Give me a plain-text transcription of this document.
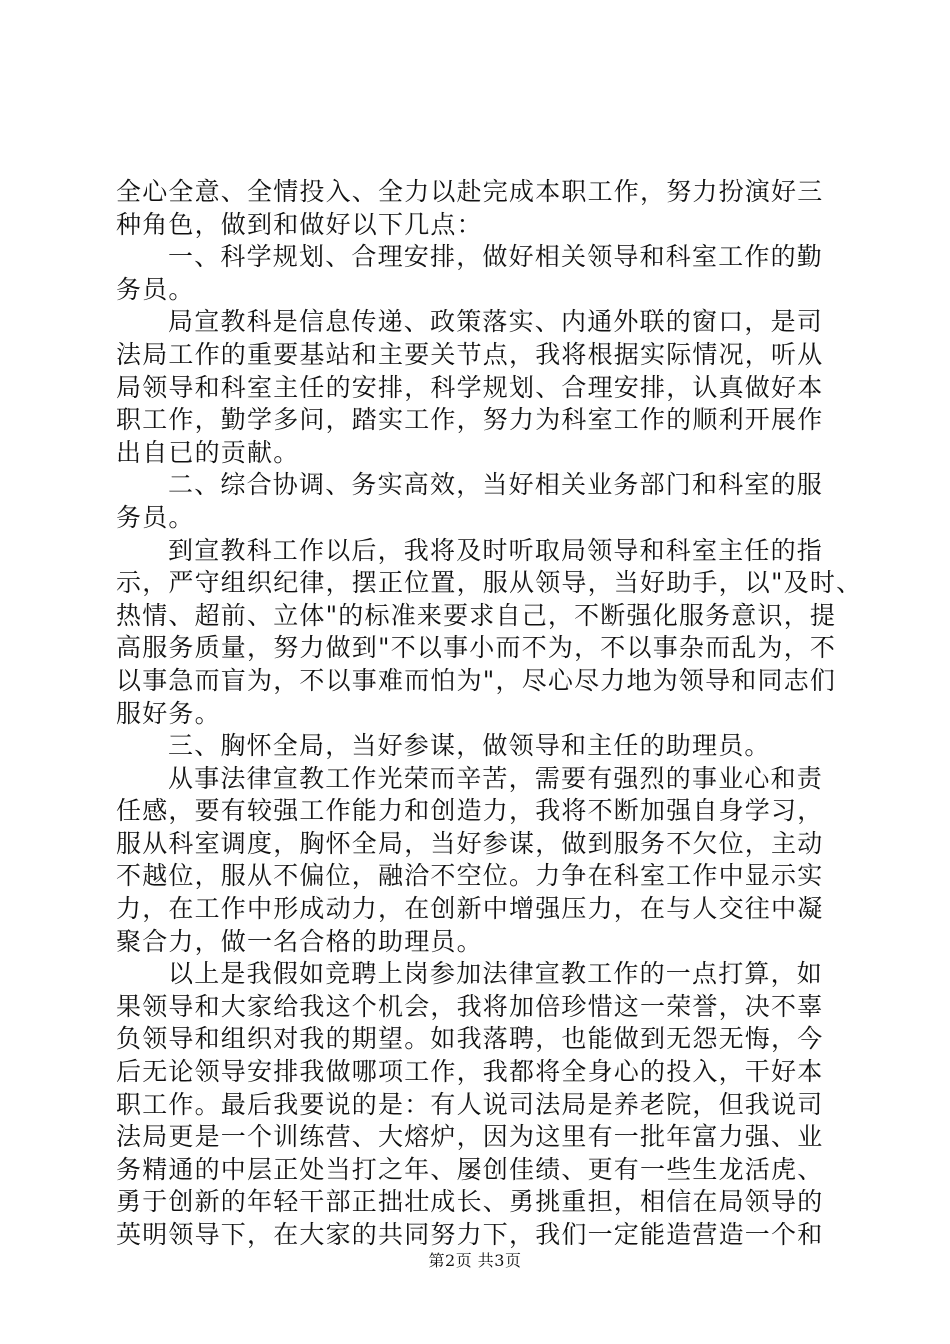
全心全意、全情投入、全力以赴完成本职工作，努力扮演好三
种角色，做到和做好以下几点：
一、科学规划、合理安排，做好相关领导和科室工作的勤
务员。
局宣教科是信息传递、政策落实、内通外联的窗口，是司
法局工作的重要基站和主要关节点，我将根据实际情况，听从
局领导和科室主任的安排，科学规划、合理安排，认真做好本
职工作，勤学多问，踏实工作，努力为科室工作的顺利开展作
出自已的贡献。
二、综合协调、务实高效，当好相关业务部门和科室的服
务员。
到宣教科工作以后，我将及时听取局领导和科室主任的指
示，严守组织纪律，摆正位置，服从领导，当好助手，以"及时、
热情、超前、立体"的标准来要求自己，不断强化服务意识，提
高服务质量，努力做到"不以事小而不为，不以事杂而乱为，不
以事急而盲为，不以事难而怕为"，尽心尽力地为领导和同志们
服好务。
三、胸怀全局，当好参谋，做领导和主任的助理员。
从事法律宣教工作光荣而辛苦，需要有强烈的事业心和责
任感，要有较强工作能力和创造力，我将不断加强自身学习，
服从科室调度，胸怀全局，当好参谋，做到服务不欠位，主动
不越位，服从不偏位，融洽不空位。力争在科室工作中显示实
力，在工作中形成动力，在创新中增强压力，在与人交往中凝
聚合力，做一名合格的助理员。
以上是我假如竞聘上岗参加法律宣教工作的一点打算，如
果领导和大家给我这个机会，我将加倍珍惜这一荣誉，决不辜
负领导和组织对我的期望。如我落聘，也能做到无怨无悔，今
后无论领导安排我做哪项工作，我都将全身心的投入，干好本
职工作。最后我要说的是：有人说司法局是养老院，但我说司
法局更是一个训练营、大熔炉，因为这里有一批年富力强、业
务精通的中层正处当打之年、屡创佳绩、更有一些生龙活虎、
勇于创新的年轻干部正拙壮成长、勇挑重担，相信在局领导的
英明领导下，在大家的共同努力下，我们一定能造营造一个和
第2页 共3页
